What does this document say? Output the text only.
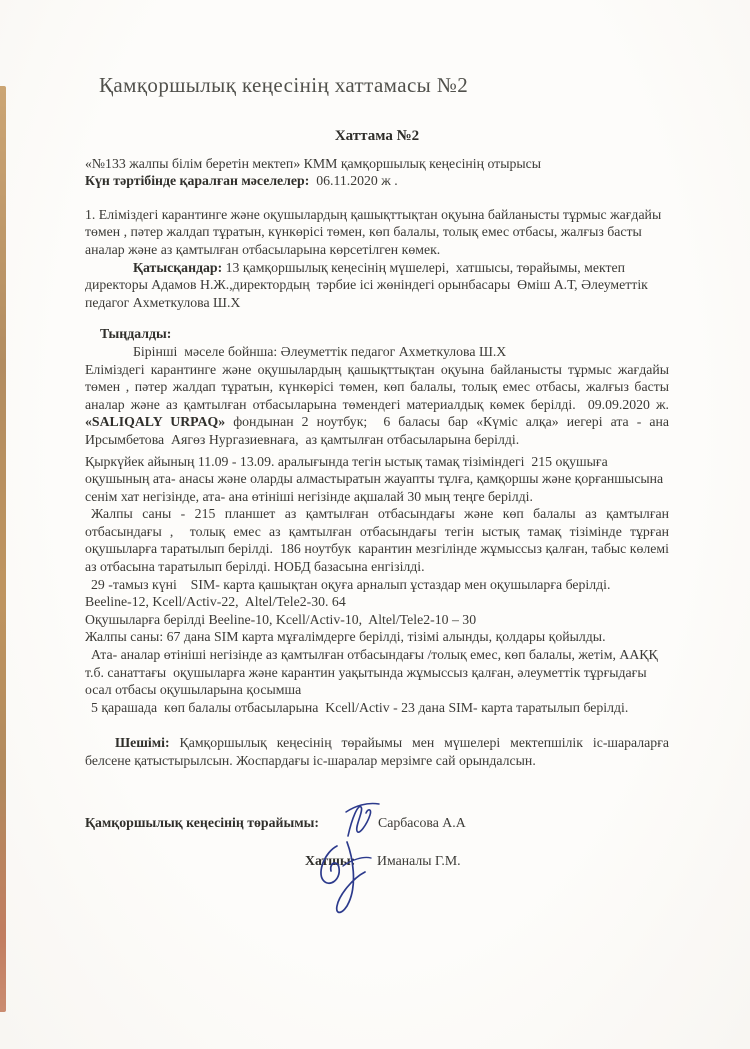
Қамқоршылық кеңесінің хаттамасы №2
Хаттама №2
«№133 жалпы білім беретін мектеп» КММ қамқоршылық кеңесінің отырысы
Күн тәртібінде қаралған мәселелер:  06.11.2020 ж .
1. Еліміздегі карантинге және оқушылардың қашықттықтан оқуына байланысты тұрмыс жағдайы төмен , пәтер жалдап тұратын, күнкөрісі төмен, көп балалы, толық емес отбасы, жалғыз басты аналар және аз қамтылған отбасыларына көрсетілген көмек.
Қатысқандар: 13 қамқоршылық кеңесінің мүшелері,  хатшысы, төрайымы, мектеп директоры Адамов Н.Ж.,директордың  тәрбие ісі жөніндегі орынбасары  Өміш А.Т, Әлеуметтік педагог Ахметкулова Ш.Х
Тыңдалды:
Бірінші  мәселе бойнша: Әлеуметтік педагог Ахметкулова Ш.Х
Еліміздегі карантинге және оқушылардың қашықттықтан оқуына байланысты тұрмыс жағдайы төмен , пәтер жалдап тұратын, күнкөрісі төмен, көп балалы, толық емес отбасы, жалғыз басты аналар және аз қамтылған отбасыларына төмендегі материалдық көмек берілді.  09.09.2020 ж.  «SALIQALY URPAQ» фондынан 2 ноутбук;  6 баласы бар «Күміс алқа» иегері ата - ана Ирсымбетова  Аягөз Нургазиевнаға,  аз қамтылған отбасыларына берілді.
Қыркүйек айының 11.09 - 13.09. аралығында тегін ыстық тамақ тізіміндегі  215 оқушыға оқушының ата- анасы және оларды алмастыратын жауапты тұлға, қамқоршы және қорғаншысына  сенім хат негізінде, ата- ана өтініші негізінде ақшалай 30 мың теңге берілді.
Жалпы саны - 215 планшет аз қамтылған отбасындағы және көп балалы аз қамтылған отбасындағы ,  толық емес аз қамтылған отбасындағы тегін ыстық тамақ тізімінде тұрған оқушыларға таратылып берілді.  186 ноутбук  карантин мезгілінде жұмыссыз қалған, табыс көлемі аз отбасына таратылып берілді. НОБД базасына енгізілді.
29 -тамыз күні    SIM- карта қашықтан оқуға арналып ұстаздар мен оқушыларға берілді.
Beeline-12, Kcell/Activ-22,  Altel/Tele2-30. 64
Оқушыларға берілді Beeline-10, Kcell/Activ-10,  Altel/Tele2-10 – 30
Жалпы саны: 67 дана SIM карта мұғалімдерге берілді, тізімі алынды, қолдары қойылды.
Ата- аналар өтініші негізінде аз қамтылған отбасындағы /толық емес, көп балалы, жетім, ААҚҚ  т.б. санаттағы  оқушыларға және карантин уақытында жұмыссыз қалған, әлеуметтік тұрғыдағы осал отбасы оқушыларына қосымша
5 қарашада  көп балалы отбасыларына  Kcell/Activ - 23 дана SIM- карта таратылып берілді.
Шешімі: Қамқоршылық кеңесінің төрайымы мен мүшелері мектепшілік іс-шараларға белсене қатыстырылсын. Жоспардағы іс-шаралар мерзімге сай орындалсын.
Қамқоршылық кеңесінің төрайымы:	Сарбасова А.А
Хатшы: Иманалы Г.М.
